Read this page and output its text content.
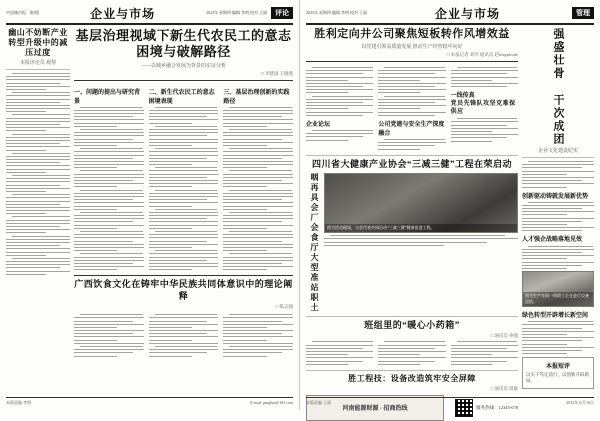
中国城市报 · 第3版	企业与市场	2023年 星期四 编辑 李明 校对 王丽	评论
幽山不妨断产业转型升级中的减压过度
本报评论员 观察
基层治理视域下新生代农民工的意志困境与破解路径
——以城乡融合发展为背景的实证分析
□ 李建国 王晓燕
一、问题的提出与研究背景
二、新生代农民工的意志困境表现
三、基层治理创新的实践路径
广西饮食文化在铸牢中华民族共同体意识中的理论阐释
□ 陈志强
本版责编 李明	E-mail: pinglun@163.com
2023年 星期四 编辑 李明 校对 王丽	企业与市场	管理
胜利定向井公司聚焦短板转作风增效益
以党建引领高质量发展 推动生产经营稳中向好
□ 本报记者 刘洋 通讯员 赵magnitude
企业论坛	公司党建与安全生产深度融合
一线传真
党员先锋队攻坚克难保供应
四川省大健康产业协会“三减三健”工程在荣启动
咽再具会厂会食厅大型准站职土	图为活动现场，与会代表共同启动“三减三健”健康促进工程。
班组里的“暖心小药箱”
□ 通讯员 孙强
胜工程技：设备改造筑牢安全屏障
□ 通讯员 周敏
河南能源财源 · 招商热线	服务热线：12345-678
强盛壮骨 干次成团
企业文化建设纪实
创新驱动铸就发展新优势
人才强企战略落地见效
图为生产车间一线职工正在进行设备巡检。
绿色转型开辟增长新空间
本报短评
以实干笃定前行，以创新开辟新局。
本版责编 王丽	2023年11月16日
